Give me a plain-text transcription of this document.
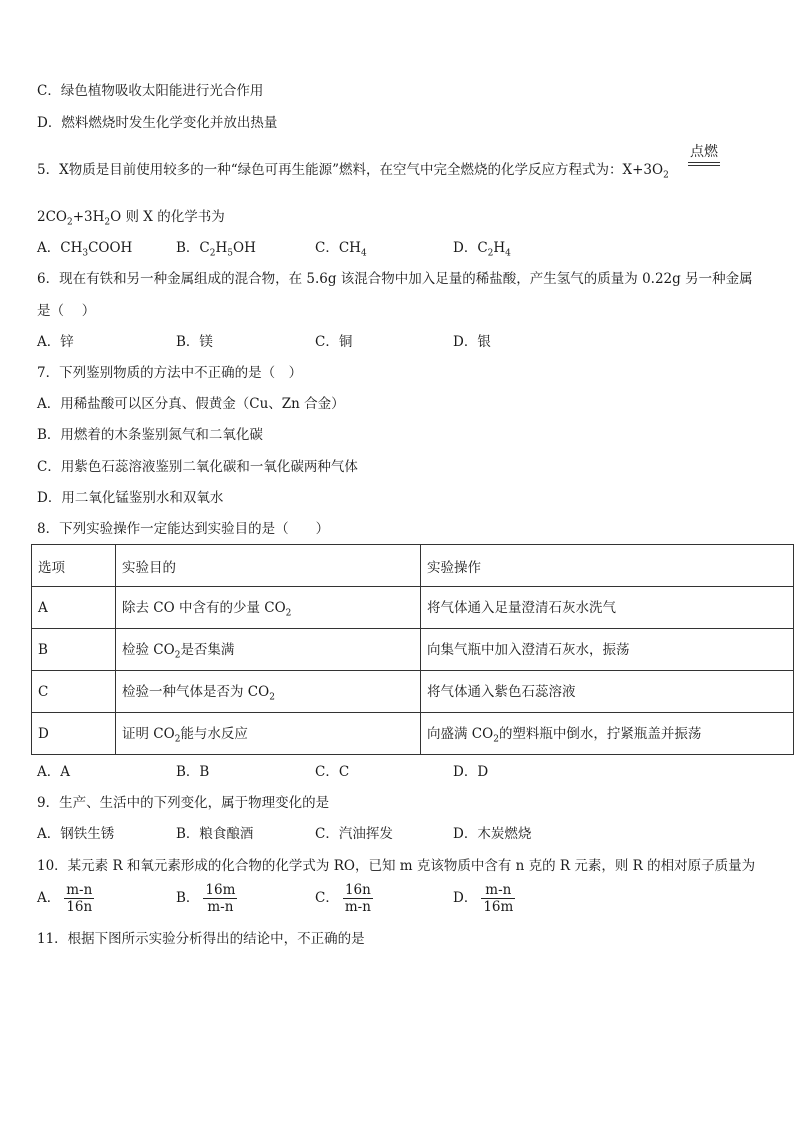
C．绿色植物吸收太阳能进行光合作用
D．燃料燃烧时发生化学变化并放出热量
5．X物质是目前使用较多的一种“绿色可再生能源”燃料，在空气中完全燃烧的化学反应方程式为：$X+3O_2$
点燃
$2CO_2+3H_2O$ 则 X 的化学书为
A．$CH_3COOH$	B．$C_2H_5OH$	C．$CH_4$	D．$C_2H_4$
6．现在有铁和另一种金属组成的混合物，在 5.6g 该混合物中加入足量的稀盐酸，产生氢气的质量为 0.22g 另一种金属
是（　 ）
A．锌	B．镁	C．铜	D．银
7．下列鉴别物质的方法中不正确的是（　）
A．用稀盐酸可以区分真、假黄金（Cu、Zn 合金）
B．用燃着的木条鉴别氮气和二氧化碳
C．用紫色石蕊溶液鉴别二氧化碳和一氧化碳两种气体
D．用二氧化锰鉴别水和双氧水
8．下列实验操作一定能达到实验目的是（　　）
选项	实验目的	实验操作
A	除去 CO 中含有的少量 $CO_2$	将气体通入足量澄清石灰水洗气
B	检验 $CO_2$是否集满	向集气瓶中加入澄清石灰水，振荡
C	检验一种气体是否为 $CO_2$	将气体通入紫色石蕊溶液
D	证明 $CO_2$能与水反应	向盛满 $CO_2$的塑料瓶中倒水，拧紧瓶盖并振荡
A．A	B．B	C．C	D．D
9．生产、生活中的下列变化，属于物理变化的是
A．钢铁生锈	B．粮食酿酒	C．汽油挥发	D．木炭燃烧
10．某元素 R 和氧元素形成的化合物的化学式为 RO，已知 m 克该物质中含有 n 克的 R 元素，则 R 的相对原子质量为
A． $\frac{m-n}{16n}$	B． $\frac{16m}{m-n}$	C． $\frac{16n}{m-n}$	D． $\frac{m-n}{16m}$
11．根据下图所示实验分析得出的结论中，不正确的是
